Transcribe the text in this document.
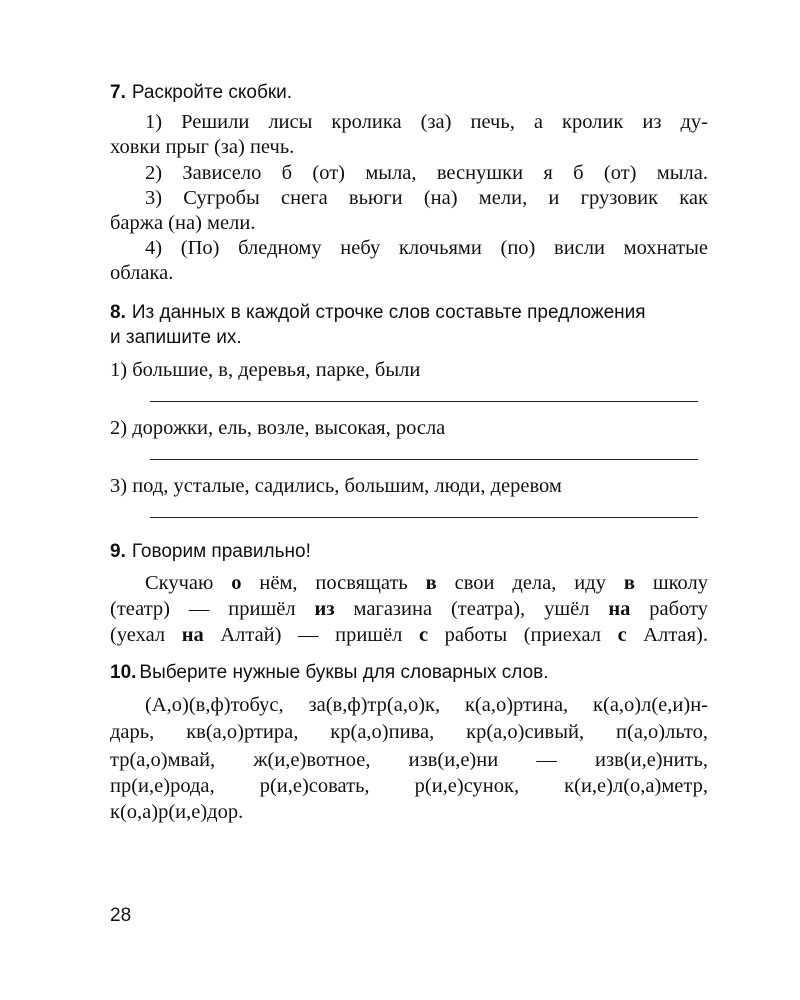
7. Раскройте скобки.
1) Решили лисы кролика (за) печь, а кролик из ду-
ховки прыг (за) печь.
2) Зависело б (от) мыла, веснушки я б (от) мыла.
3) Сугробы снега вьюги (на) мели, и грузовик как
баржа (на) мели.
4) (По) бледному небу клочьями (по) висли мохнатые
облака.
8. Из данных в каждой строчке слов составьте предложения
и запишите их.
1) большие, в, деревья, парке, были
2) дорожки, ель, возле, высокая, росла
3) под, усталые, садились, большим, люди, деревом
9. Говорим правильно!
Скучаю о нём, посвящать в свои дела, иду в школу
(театр) — пришёл из магазина (театра), ушёл на работу
(уехал на Алтай) — пришёл с работы (приехал с Алтая).
10. Выберите нужные буквы для словарных слов.
(А,о)(в,ф)тобус, за(в,ф)тр(а,о)к, к(а,о)ртина, к(а,о)л(е,и)н-
дарь, кв(а,о)ртира, кр(а,о)пива, кр(а,о)сивый, п(а,о)льто,
тр(а,о)мвай, ж(и,е)вотное, изв(и,е)ни — изв(и,е)нить,
пр(и,е)рода, р(и,е)совать, р(и,е)сунок, к(и,е)л(о,а)метр,
к(о,а)р(и,е)дор.
28
